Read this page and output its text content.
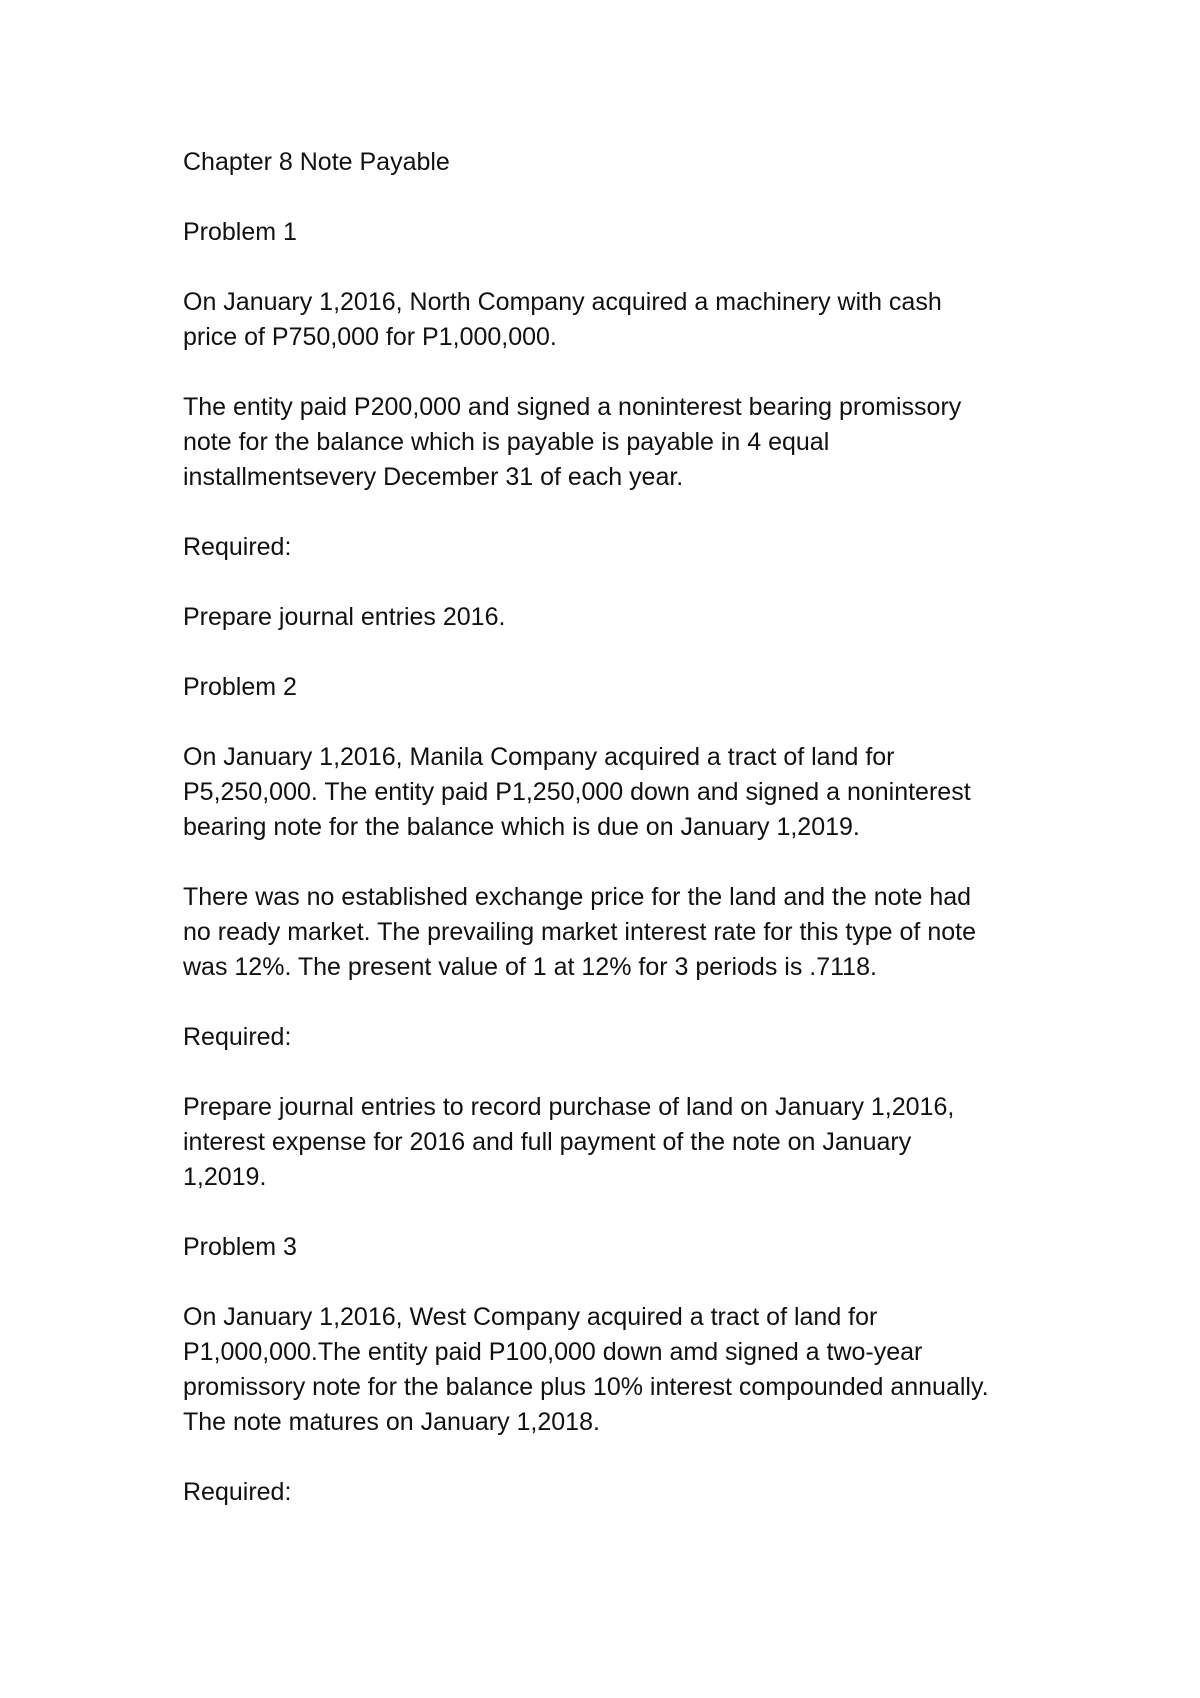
Chapter 8 Note Payable

Problem 1

On January 1,2016, North Company acquired a machinery with cash
price of P750,000 for P1,000,000.

The entity paid P200,000 and signed a noninterest bearing promissory
note for the balance which is payable is payable in 4 equal
installmentsevery December 31 of each year.

Required:

Prepare journal entries 2016.

Problem 2

On January 1,2016, Manila Company acquired a tract of land for
P5,250,000. The entity paid P1,250,000 down and signed a noninterest
bearing note for the balance which is due on January 1,2019.

There was no established exchange price for the land and the note had
no ready market. The prevailing market interest rate for this type of note
was 12%. The present value of 1 at 12% for 3 periods is .7118.

Required:

Prepare journal entries to record purchase of land on January 1,2016,
interest expense for 2016 and full payment of the note on January
1,2019.

Problem 3

On January 1,2016, West Company acquired a tract of land for
P1,000,000.The entity paid P100,000 down amd signed a two-year
promissory note for the balance plus 10% interest compounded annually.
The note matures on January 1,2018.

Required:
